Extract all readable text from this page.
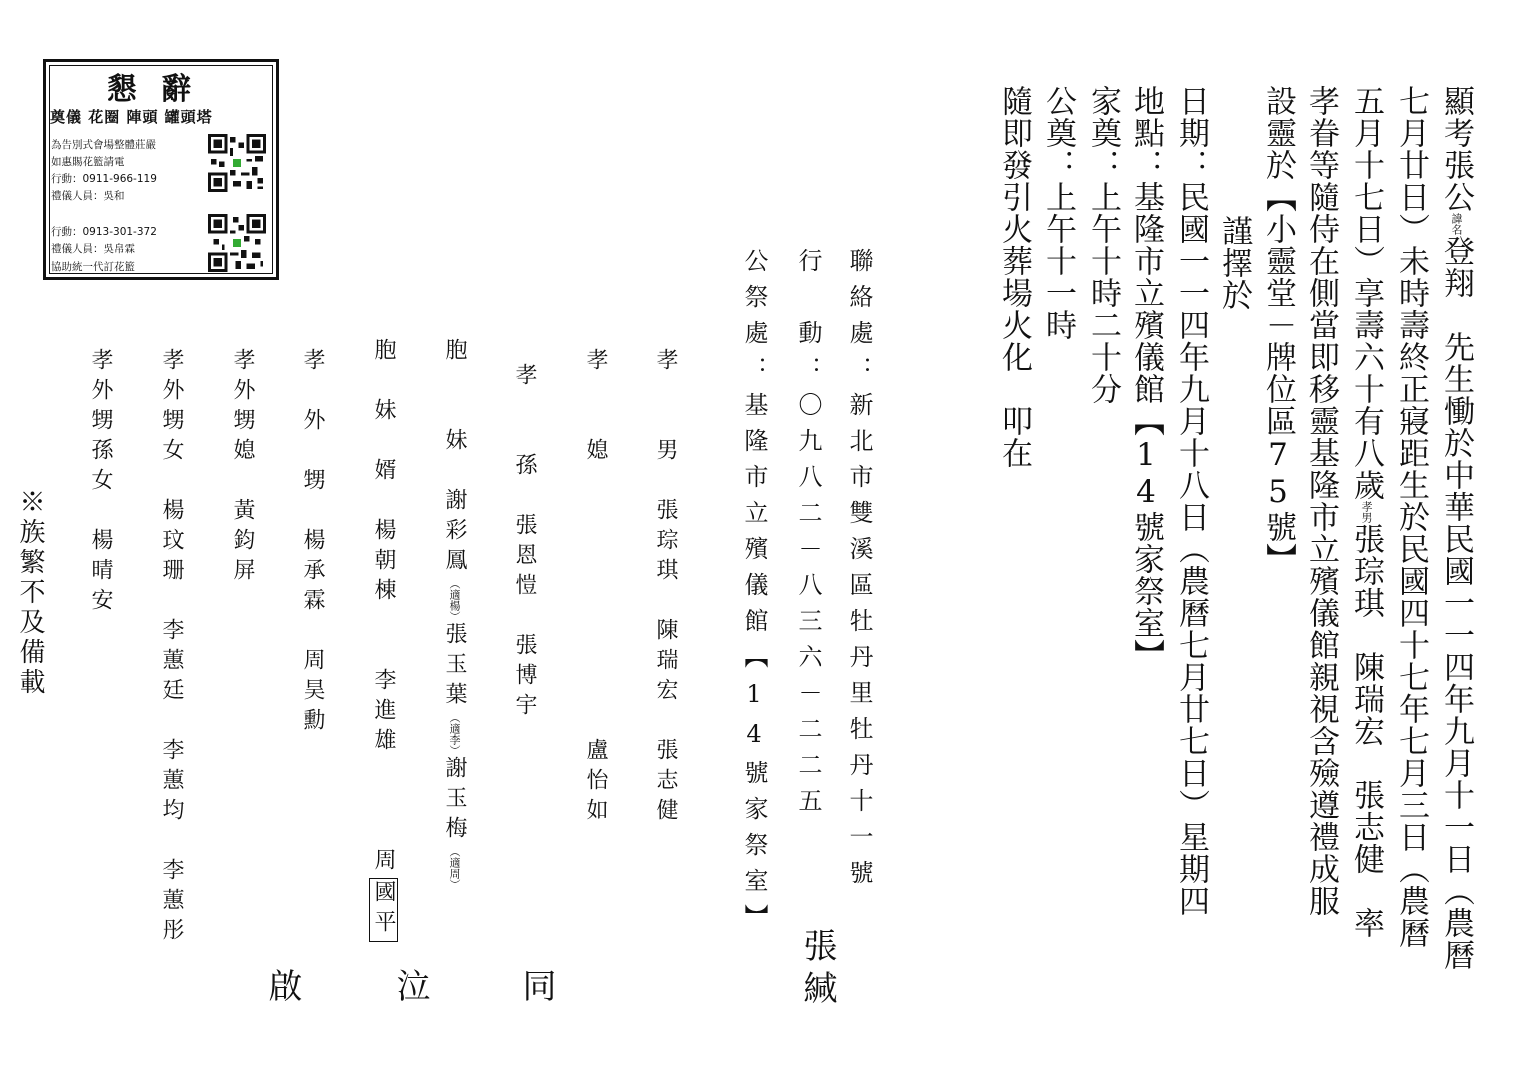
懇辭
奠儀 花圈 陣頭 罐頭塔
為告別式會場整體莊嚴
如惠賜花籃請電
行動：0911-966-119
禮儀人員：吳和
行動：0913-301-372
禮儀人員：吳帛霖
協助統一代訂花籃
顯考張公諱名登翔　先生慟於中華民國一一四年九月十一日（農曆
七月廿日）未時壽終正寢距生於民國四十七年七月三日（農曆
五月十七日）享壽六十有八歲孝男張琮琪　陳瑞宏　張志健　率
孝眷等隨侍在側當即移靈基隆市立殯儀館親視含殮遵禮成服
設靈於【小靈堂－牌位區75號】
謹擇於
日期：民國一一四年九月十八日（農曆七月廿七日）星期四
地點：基隆市立殯儀館【14號家祭室】
家奠：上午十時二十分
公奠：上午十一時
隨即發引火葬場火化　叩在
聯絡處：新北市雙溪區牡丹里牡丹十一號
行　動：〇九八二－八三六－二二五
公祭處：基隆市立殯儀館【14號家祭室】
張緘
同
泣
啟
孝　　男　張琮琪　陳瑞宏　張志健
孝　　媳　　　　　　　　　盧怡如
孝　　孫　張恩愷　張博宇
胞　　妹　謝彩鳳（適楊）張玉葉（適李）謝玉梅（適周）
胞　妹　婿　楊朝棟　　李進雄　　　周國平
孝　外　甥　楊承霖　周昊勳
孝外甥媳　黃鈞屏
孝外甥女　楊玟珊　李蕙廷　李蕙均　李蕙彤
孝外甥孫女　楊晴安
※族繁不及備載
